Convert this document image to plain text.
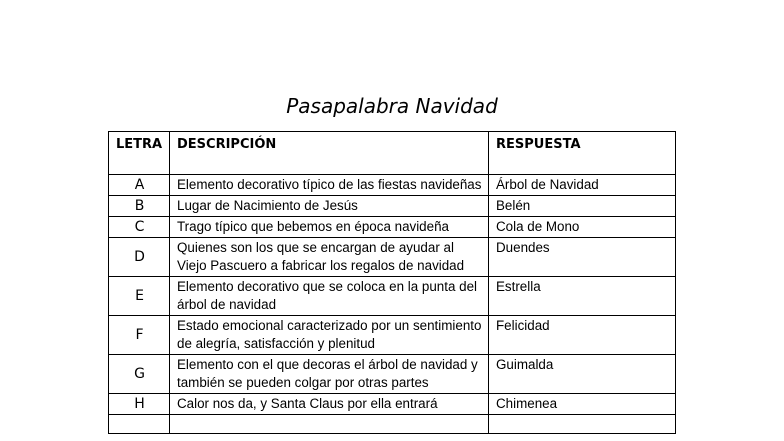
Pasapalabra Navidad
LETRA	DESCRIPCIÓN	RESPUESTA
A	Elemento decorativo típico de las fiestas navideñas	Árbol de Navidad
B	Lugar de Nacimiento de Jesús	Belén
C	Trago típico que bebemos en época navideña	Cola de Mono
D	Quienes son los que se encargan de ayudar al Viejo Pascuero a fabricar los regalos de navidad	Duendes
E	Elemento decorativo que se coloca en la punta del árbol de navidad	Estrella
F	Estado emocional caracterizado por un sentimiento de alegría, satisfacción y plenitud	Felicidad
G	Elemento con el que decoras el árbol de navidad y también se pueden colgar por otras partes	Guimalda
H	Calor nos da, y Santa Claus por ella entrará	Chimenea
